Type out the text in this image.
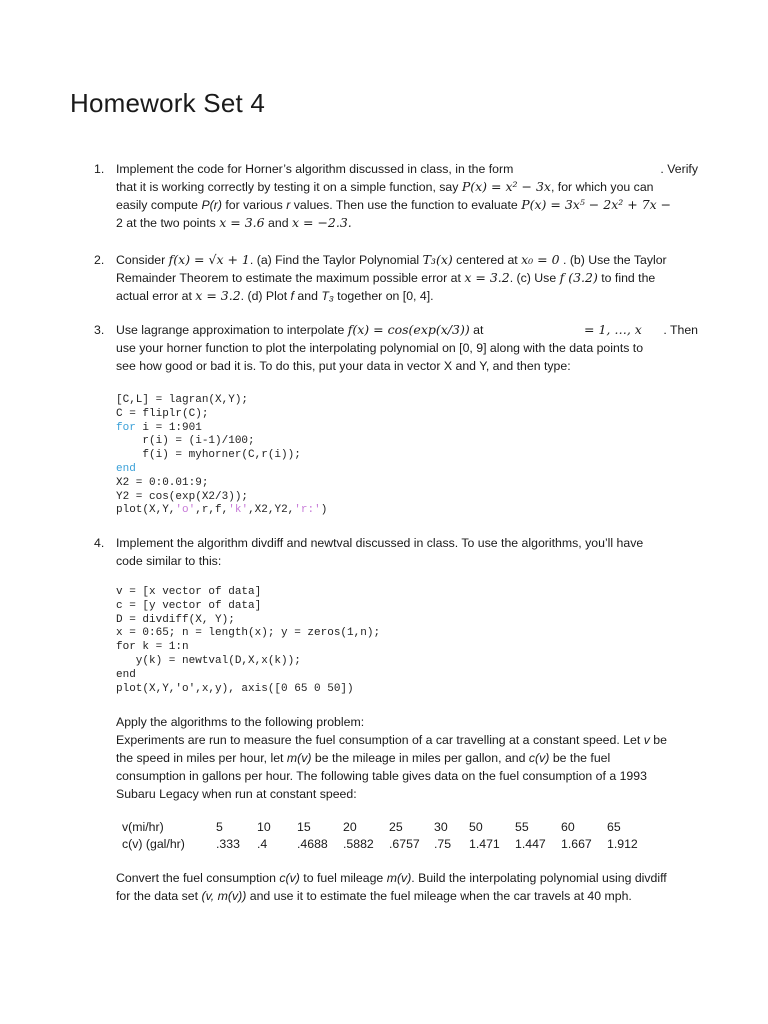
Homework Set 4
1. Implement the code for Horner’s algorithm discussed in class, in the form	. Verify
that it is working correctly by testing it on a simple function, say P(x) = x² − 3x, for which you can
easily compute P(r) for various r values. Then use the function to evaluate P(x) = 3x⁵ − 2x² + 7x −
2 at the two points x = 3.6 and x = −2.3.
2. Consider f(x) = √x + 1. (a) Find the Taylor Polynomial T₃(x) centered at x₀ = 0 . (b) Use the Taylor
Remainder Theorem to estimate the maximum possible error at x = 3.2. (c) Use f (3.2) to find the
actual error at x = 3.2. (d) Plot f and T₃ together on [0, 4].
3. Use lagrange approximation to interpolate f(x) = cos(exp(x/3)) at	= 1, …, x . Then
use your horner function to plot the interpolating polynomial on [0, 9] along with the data points to
see how good or bad it is. To do this, put your data in vector X and Y, and then type:
[C,L] = lagran(X,Y);
C = fliplr(C);
for i = 1:901
r(i) = (i-1)/100;
f(i) = myhorner(C,r(i));
end
X2 = 0:0.01:9;
Y2 = cos(exp(X2/3));
plot(X,Y,'o',r,f,'k',X2,Y2,'r:')
4. Implement the algorithm divdiff and newtval discussed in class. To use the algorithms, you’ll have
code similar to this:
v = [x vector of data]
c = [y vector of data]
D = divdiff(X, Y);
x = 0:65; n = length(x); y = zeros(1,n);
for k = 1:n
y(k) = newtval(D,X,x(k));
end
plot(X,Y,'o',x,y), axis([0 65 0 50])
Apply the algorithms to the following problem:
Experiments are run to measure the fuel consumption of a car travelling at a constant speed. Let v be
the speed in miles per hour, let m(v) be the mileage in miles per gallon, and c(v) be the fuel
consumption in gallons per hour. The following table gives data on the fuel consumption of a 1993
Subaru Legacy when run at constant speed:
v(mi/hr)	5	10	15	20	25	30	50	55	60	65
c(v) (gal/hr)	.333	.4	.4688	.5882	.6757	.75	1.471	1.447	1.667	1.912
Convert the fuel consumption c(v) to fuel mileage m(v). Build the interpolating polynomial using divdiff
for the data set (v, m(v)) and use it to estimate the fuel mileage when the car travels at 40 mph.
